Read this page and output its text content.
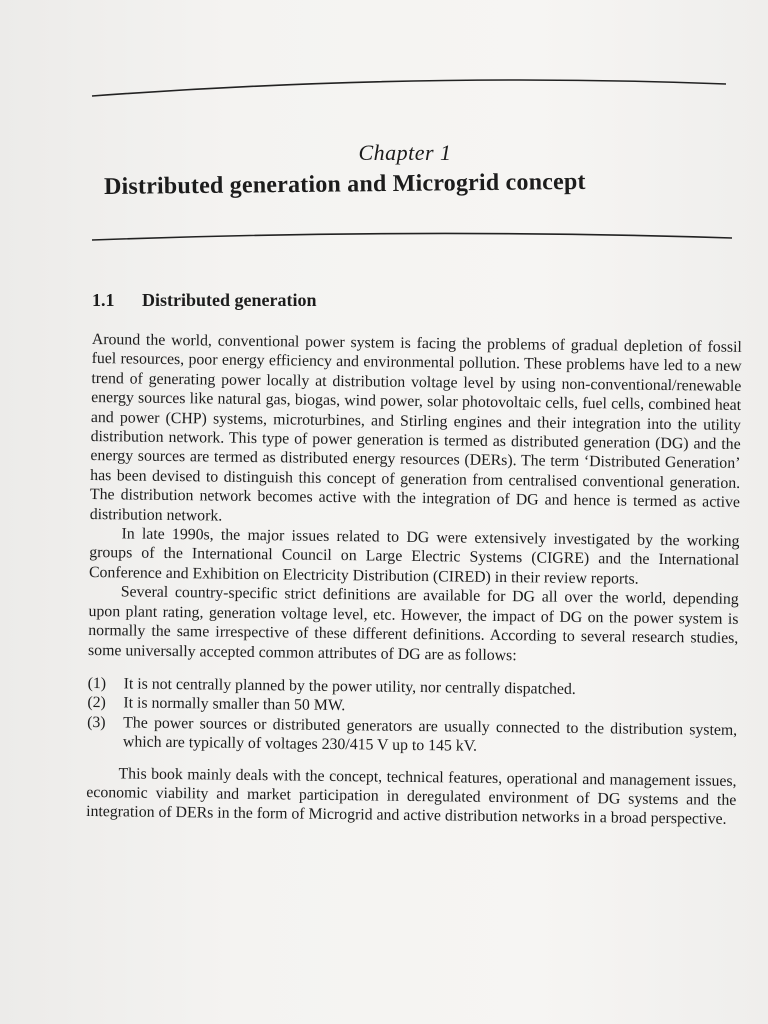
Chapter 1
Distributed generation and Microgrid concept
1.1 Distributed generation

Around the world, conventional power system is facing the problems of gradual depletion of fossil fuel resources, poor energy efficiency and environmental pollution. These problems have led to a new trend of generating power locally at distribution voltage level by using non-conventional/renewable energy sources like natural gas, biogas, wind power, solar photovoltaic cells, fuel cells, combined heat and power (CHP) systems, microturbines, and Stirling engines and their integration into the utility distribution network. This type of power generation is termed as distributed generation (DG) and the energy sources are termed as distributed energy resources (DERs). The term ‘Distributed Generation’ has been devised to distinguish this concept of generation from centralised conventional generation. The distribution network becomes active with the integration of DG and hence is termed as active distribution network.

In late 1990s, the major issues related to DG were extensively investigated by the working groups of the International Council on Large Electric Systems (CIGRE) and the International Conference and Exhibition on Electricity Distribution (CIRED) in their review reports.

Several country-specific strict definitions are available for DG all over the world, depending upon plant rating, generation voltage level, etc. However, the impact of DG on the power system is normally the same irrespective of these different definitions. According to several research studies, some universally accepted common attributes of DG are as follows:

(1)	It is not centrally planned by the power utility, nor centrally dispatched.
(2)	It is normally smaller than 50 MW.
(3)	The power sources or distributed generators are usually connected to the distribution system, which are typically of voltages 230/415 V up to 145 kV.

This book mainly deals with the concept, technical features, operational and management issues, economic viability and market participation in deregulated environment of DG systems and the integration of DERs in the form of Microgrid and active distribution networks in a broad perspective.
